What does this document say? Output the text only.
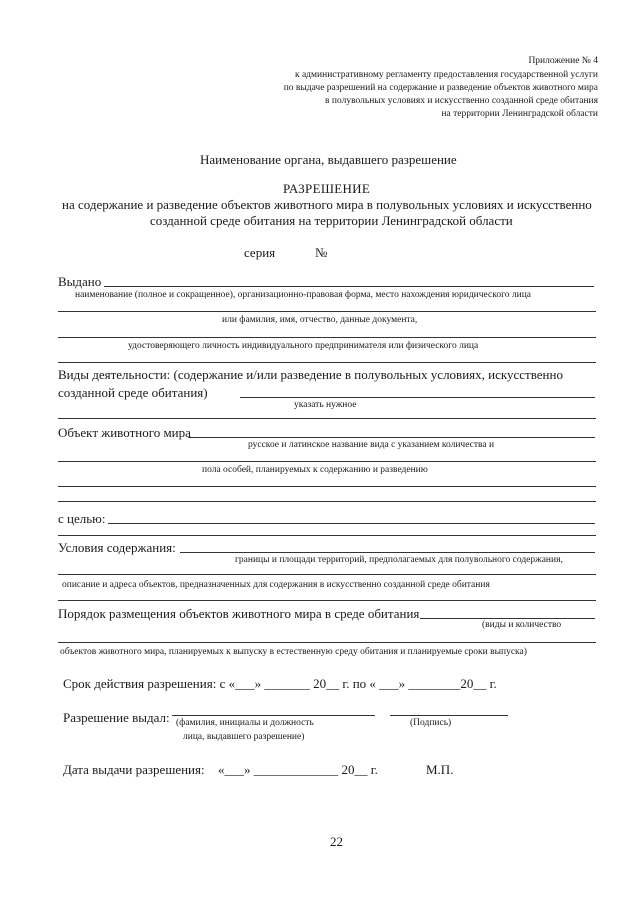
Приложение № 4
к административному регламенту предоставления государственной услуги
по выдаче разрешений на содержание и разведение объектов животного мира
в полувольных условиях и искусственно созданной среде обитания
на территории Ленинградской области
Наименование органа, выдавшего разрешение
РАЗРЕШЕНИЕ
на содержание и разведение объектов животного мира в полувольных условиях и искусственно
созданной среде обитания на территории Ленинградской области
серия	№
Выдано
наименование (полное и сокращенное), организационно-правовая форма, место нахождения юридического лица
или фамилия, имя, отчество, данные документа,
удостоверяющего личность индивидуального предпринимателя или физического лица
Виды деятельности: (содержание и/или разведение в полувольных условиях, искусственно
созданной среде обитания)
указать нужное
Объект животного мира
русское и латинское название вида с указанием количества и
пола особей, планируемых к содержанию и разведению
с целью:
Условия содержания:
границы и площади территорий, предполагаемых для полувольного содержания,
описание и адреса объектов, предназначенных для содержания в искусственно созданной среде обитания
Порядок размещения объектов животного мира в среде обитания
(виды и количество
объектов животного мира, планируемых к выпуску в естественную среду обитания и планируемые сроки выпуска)
Срок действия разрешения: с «___» _______ 20__ г. по « ___» ________20__ г.
Разрешение выдал: (фамилия, инициалы и должность	(Подпись)
лица, выдавшего разрешение)
Дата выдачи разрешения: «___» _____________ 20__ г.	М.П.
22
